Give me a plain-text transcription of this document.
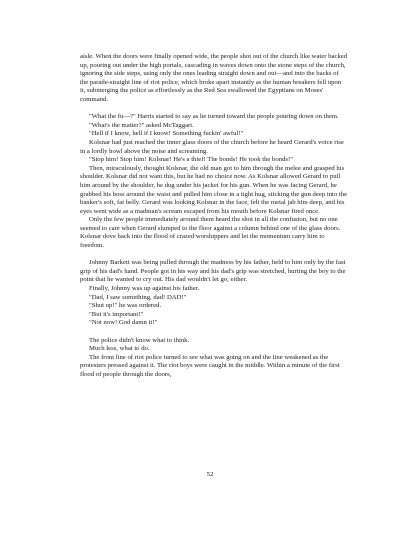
aisle. When the doors were finally opened wide, the people shot out of the church like water backed up, pouring out under the high portals, cascading in waves down onto the stone steps of the church, ignoring the side steps, using only the ones leading straight down and out—and into the backs of the parade-straight line of riot police, which broke apart instantly as the human breakers fell upon it, submerging the police as effortlessly as the Red Sea swallowed the Egyptians on Moses' command.

"What the fu—?" Harris started to say as he turned toward the people pouring down on them.

"What's the matter?" asked McTaggart.

"Hell if I know, hell if I know! Something fuckin' awful!"

Kolsnar had just reached the inner glass doors of the church before he heard Gerard's voice rise in a lordly howl above the noise and screaming.

"Stop him! Stop him! Kolsnar! He's a thief! The bonds! He took the bonds!"

Then, miraculously, thought Kolsnar, the old man got to him through the melee and grasped his shoulder. Kolsnar did not want this, but he had no choice now. As Kolsnar allowed Gerard to pull him around by the shoulder, he dug under his jacket for his gun. When he was facing Gerard, he grabbed his boss around the waist and pulled him close in a tight hug, sticking the gun deep into the banker's soft, fat belly. Gerard was looking Kolsnar in the face, felt the metal jab him deep, and his eyes went wide as a madman's scream escaped from his mouth before Kolsnar fired once.

Only the few people immediately around them heard the shot in all the confusion, but no one seemed to care when Gerard slumped to the floor against a column behind one of the glass doors. Kolsnar dove back into the flood of crazed worshippers and let the momentum carry him to freedom.

Johnny Barkett was being pulled through the madness by his father, held to him only by the fast grip of his dad's hand. People got in his way and his dad's grip was stretched, hurting the boy to the point that he wanted to cry out. His dad wouldn't let go, either.

Finally, Johnny was up against his father.

"Dad, I saw something, dad! DAD!"

"Shut up!" he was ordered.

"But it's important!"

"Not now! God damn it!"

The police didn't know what to think.

Much less, what to do.

The front line of riot police turned to see what was going on and the line weakened as the protesters pressed against it. The riot boys were caught in the middle. Within a minute of the first flood of people through the doors,

52
